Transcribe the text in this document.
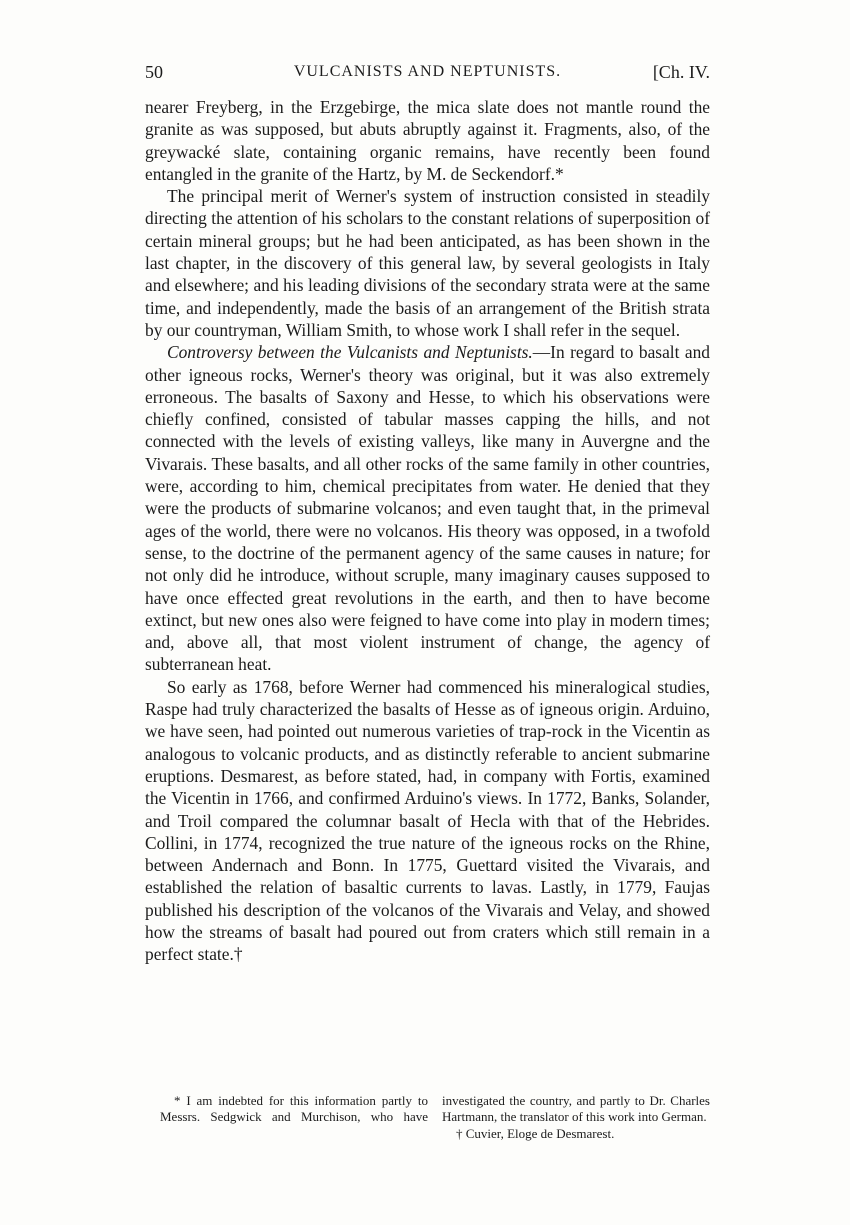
50	VULCANISTS AND NEPTUNISTS.	[Ch. IV.

nearer Freyberg, in the Erzgebirge, the mica slate does not mantle round the granite as was supposed, but abuts abruptly against it. Fragments, also, of the greywacké slate, containing organic remains, have recently been found entangled in the granite of the Hartz, by M. de Seckendorf.*

The principal merit of Werner's system of instruction consisted in steadily directing the attention of his scholars to the constant relations of superposition of certain mineral groups; but he had been anticipated, as has been shown in the last chapter, in the discovery of this general law, by several geologists in Italy and elsewhere; and his leading divisions of the secondary strata were at the same time, and independently, made the basis of an arrangement of the British strata by our countryman, William Smith, to whose work I shall refer in the sequel.

Controversy between the Vulcanists and Neptunists.—In regard to basalt and other igneous rocks, Werner's theory was original, but it was also extremely erroneous. The basalts of Saxony and Hesse, to which his observations were chiefly confined, consisted of tabular masses capping the hills, and not connected with the levels of existing valleys, like many in Auvergne and the Vivarais. These basalts, and all other rocks of the same family in other countries, were, according to him, chemical precipitates from water. He denied that they were the products of submarine volcanos; and even taught that, in the primeval ages of the world, there were no volcanos. His theory was opposed, in a twofold sense, to the doctrine of the permanent agency of the same causes in nature; for not only did he introduce, without scruple, many imaginary causes supposed to have once effected great revolutions in the earth, and then to have become extinct, but new ones also were feigned to have come into play in modern times; and, above all, that most violent instrument of change, the agency of subterranean heat.

So early as 1768, before Werner had commenced his mineralogical studies, Raspe had truly characterized the basalts of Hesse as of igneous origin. Arduino, we have seen, had pointed out numerous varieties of trap-rock in the Vicentin as analogous to volcanic products, and as distinctly referable to ancient submarine eruptions. Desmarest, as before stated, had, in company with Fortis, examined the Vicentin in 1766, and confirmed Arduino's views. In 1772, Banks, Solander, and Troil compared the columnar basalt of Hecla with that of the Hebrides. Collini, in 1774, recognized the true nature of the igneous rocks on the Rhine, between Andernach and Bonn. In 1775, Guettard visited the Vivarais, and established the relation of basaltic currents to lavas. Lastly, in 1779, Faujas published his description of the volcanos of the Vivarais and Velay, and showed how the streams of basalt had poured out from craters which still remain in a perfect state.†

* I am indebted for this information partly to Messrs. Sedgwick and Murchison, who have investigated the country, and partly to Dr. Charles Hartmann, the translator of this work into German.

† Cuvier, Eloge de Desmarest.
